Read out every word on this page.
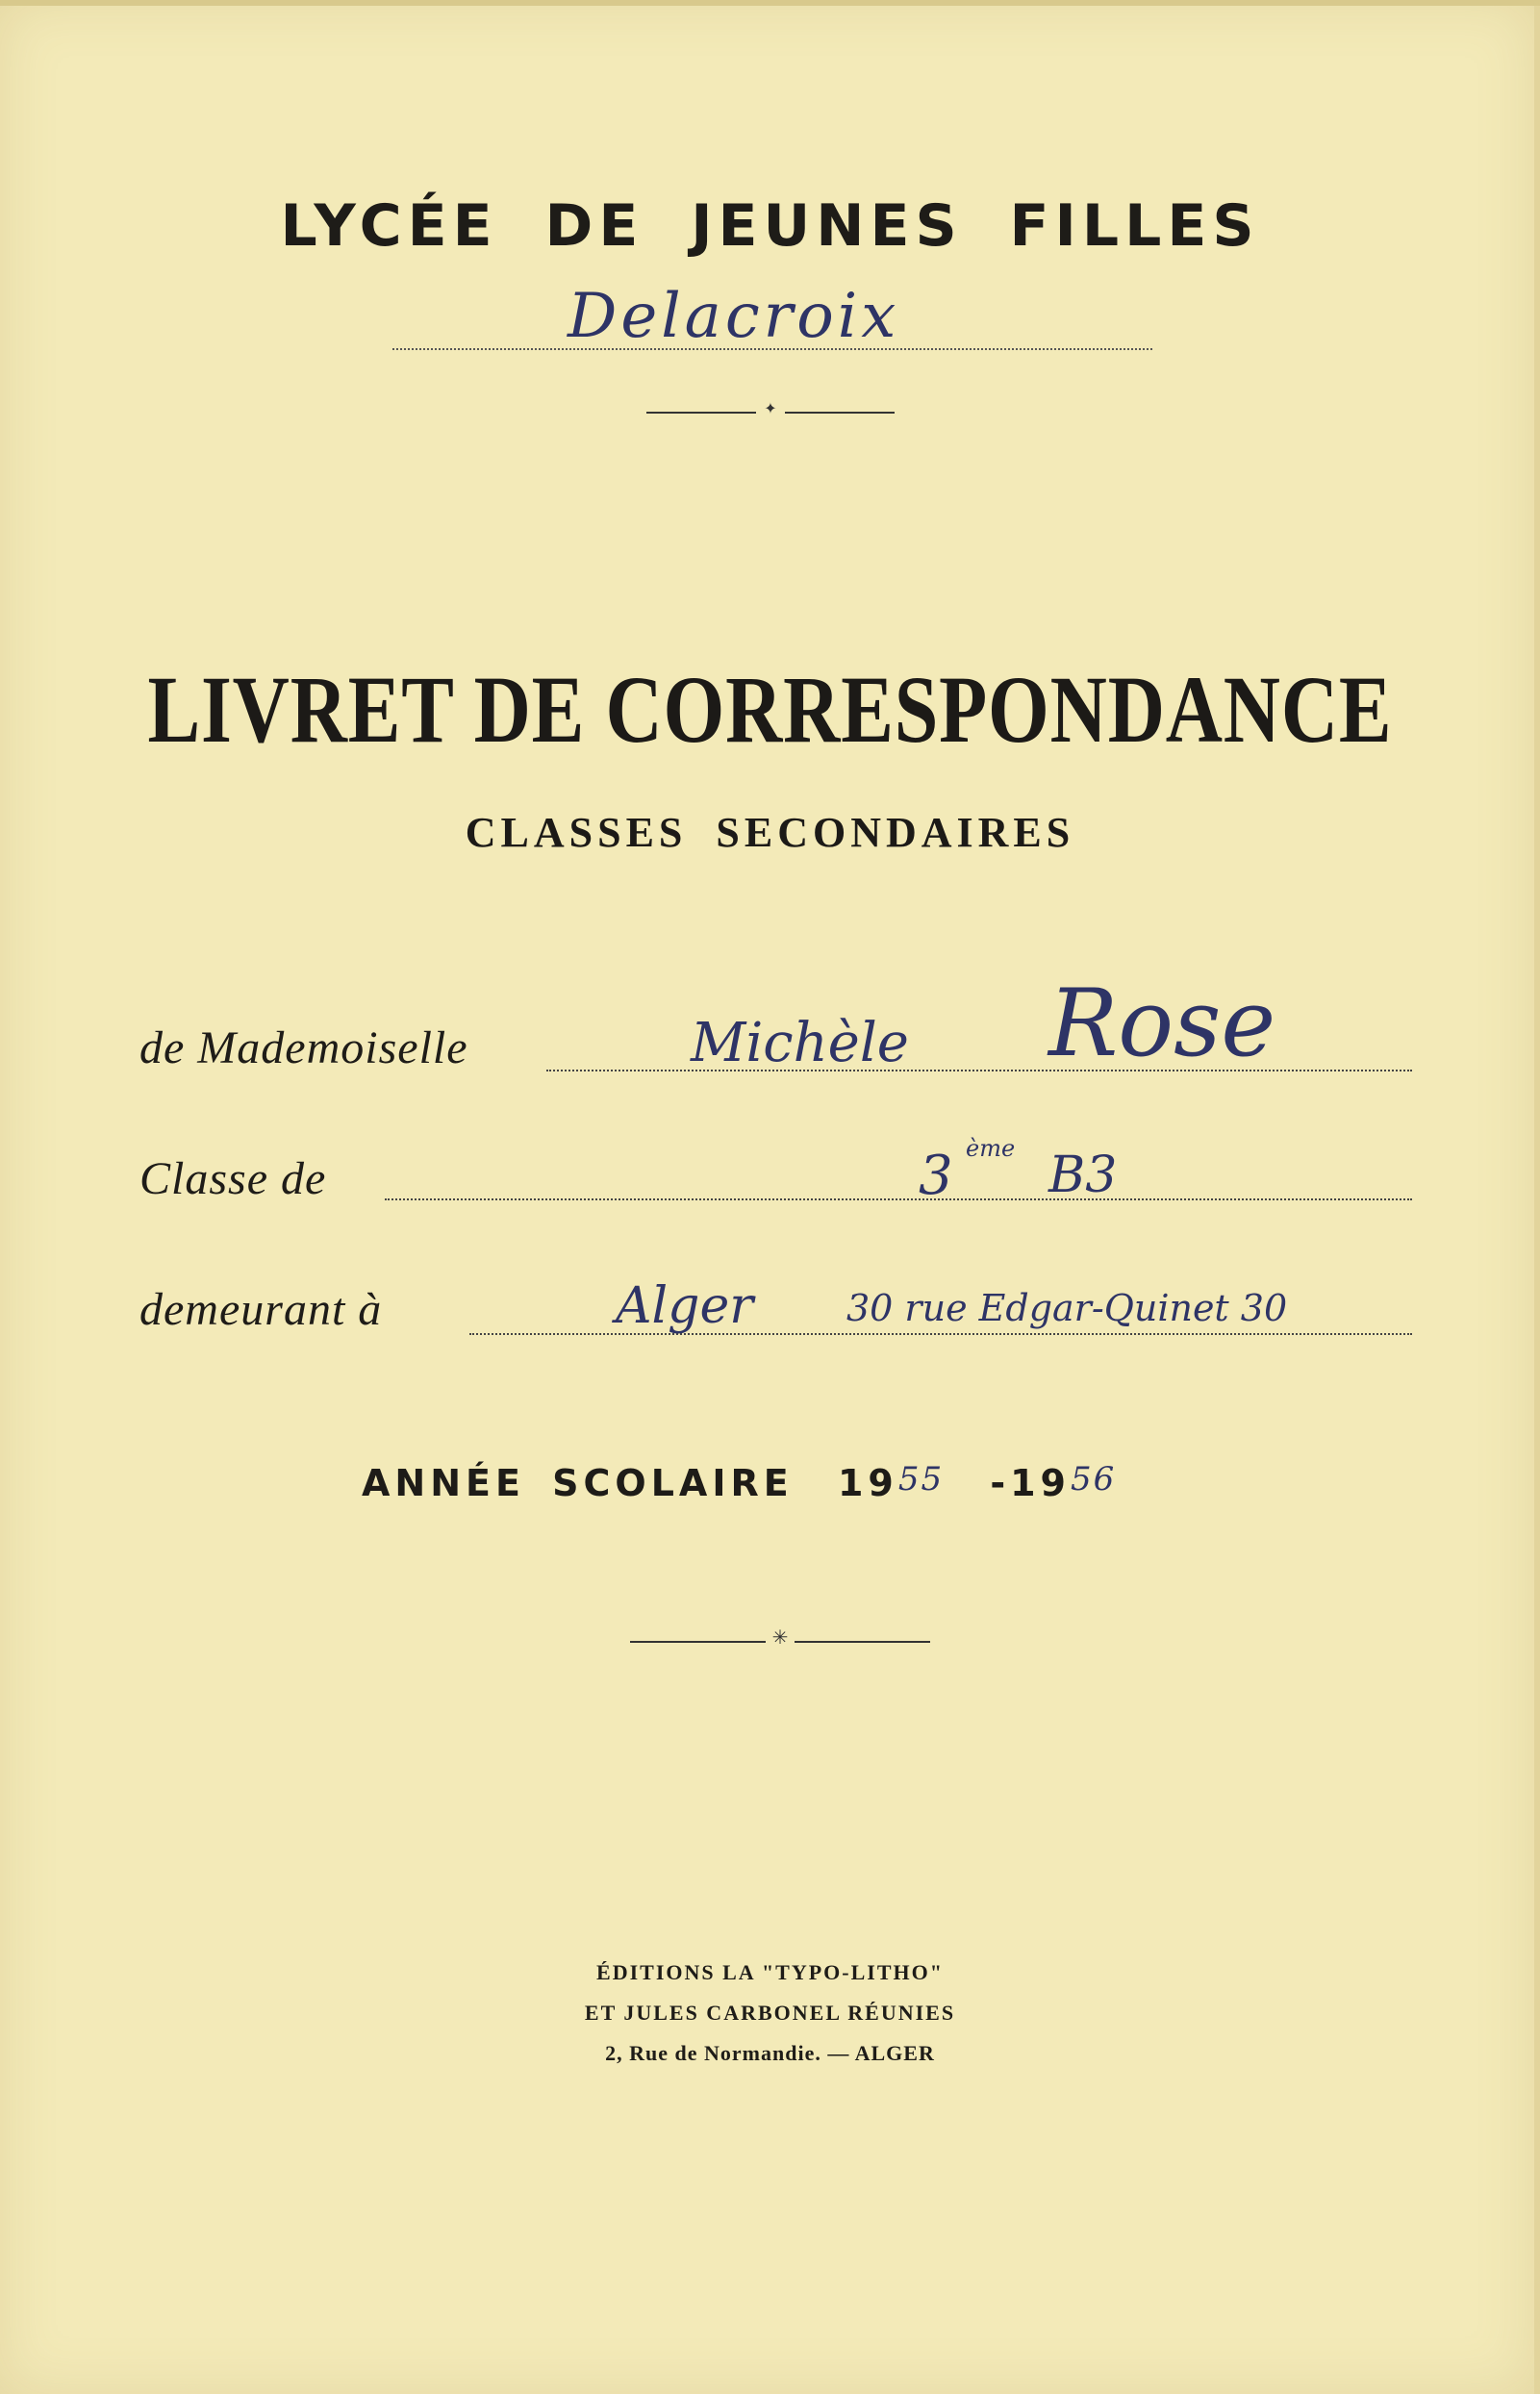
LYCÉE DE JEUNES FILLES
Delacroix
✦
LIVRET DE CORRESPONDANCE
CLASSES SECONDAIRES
de Mademoiselle	Michèle Rose
Classe de	3 ème B3
demeurant à	Alger	30 rue Edgar-Quinet 30
ANNÉE SCOLAIRE 1955 -1956
✳
ÉDITIONS LA "TYPO-LITHO"
ET JULES CARBONEL RÉUNIES
2, Rue de Normandie. — ALGER
